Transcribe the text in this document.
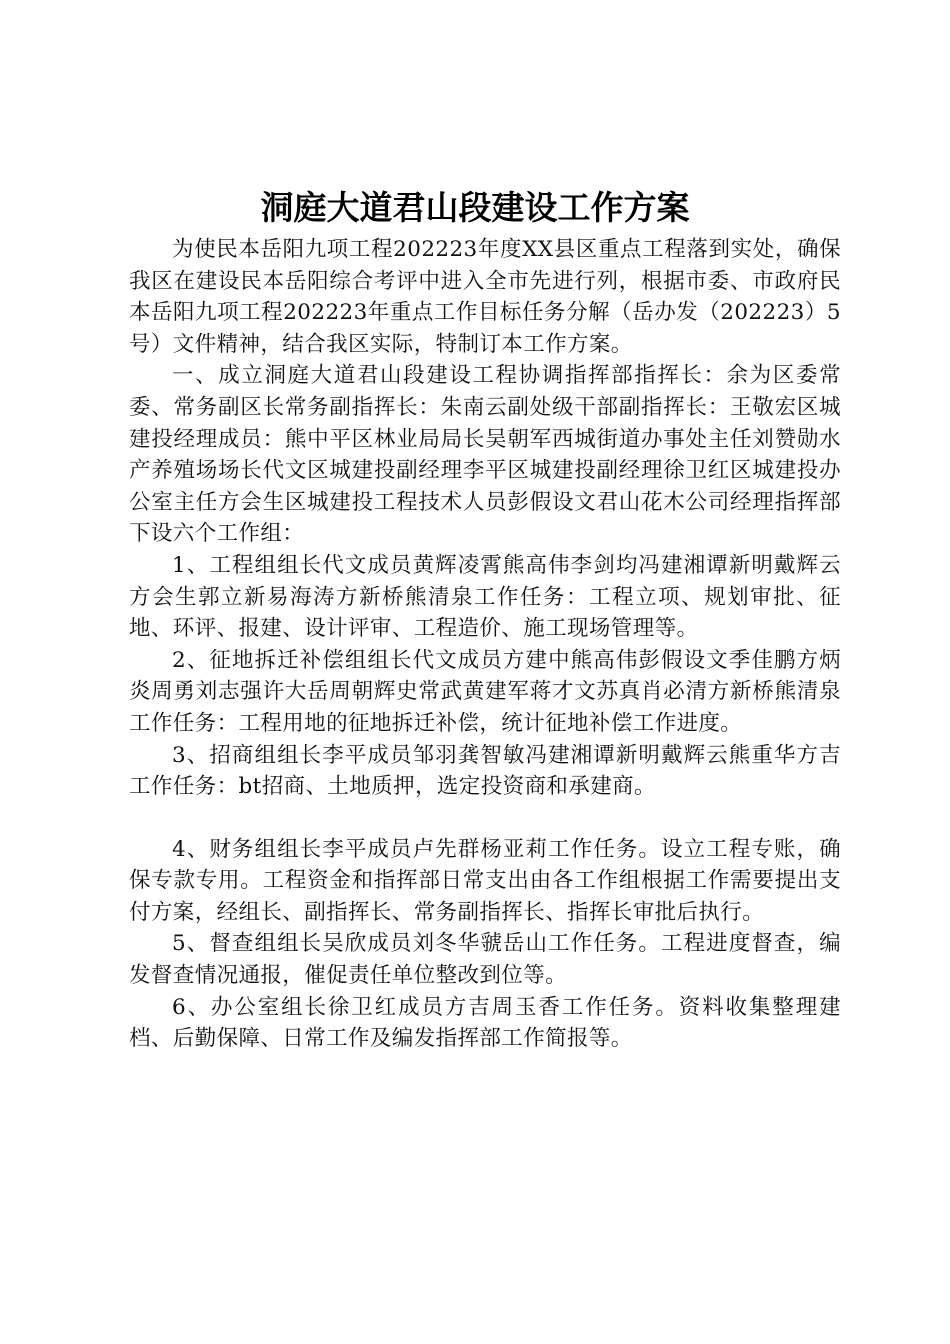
洞庭大道君山段建设工作方案

为使民本岳阳九项工程202223年度XX县区重点工程落到实处，确保我区在建设民本岳阳综合考评中进入全市先进行列，根据市委、市政府民本岳阳九项工程202223年重点工作目标任务分解（岳办发（202223）5号）文件精神，结合我区实际，特制订本工作方案。

一、成立洞庭大道君山段建设工程协调指挥部指挥长：余为区委常委、常务副区长常务副指挥长：朱南云副处级干部副指挥长：王敬宏区城建投经理成员：熊中平区林业局局长吴朝军西城街道办事处主任刘赞勋水产养殖场场长代文区城建投副经理李平区城建投副经理徐卫红区城建投办公室主任方会生区城建投工程技术人员彭假设文君山花木公司经理指挥部下设六个工作组：

1、工程组组长代文成员黄辉凌霄熊高伟李剑均冯建湘谭新明戴辉云方会生郭立新易海涛方新桥熊清泉工作任务：工程立项、规划审批、征地、环评、报建、设计评审、工程造价、施工现场管理等。

2、征地拆迁补偿组组长代文成员方建中熊高伟彭假设文季佳鹏方炳炎周勇刘志强许大岳周朝辉史常武黄建军蒋才文苏真肖必清方新桥熊清泉工作任务：工程用地的征地拆迁补偿，统计征地补偿工作进度。

3、招商组组长李平成员邹羽龚智敏冯建湘谭新明戴辉云熊重华方吉工作任务：bt招商、土地质押，选定投资商和承建商。

4、财务组组长李平成员卢先群杨亚莉工作任务。设立工程专账，确保专款专用。工程资金和指挥部日常支出由各工作组根据工作需要提出支付方案，经组长、副指挥长、常务副指挥长、指挥长审批后执行。

5、督查组组长吴欣成员刘冬华虢岳山工作任务。工程进度督查，编发督查情况通报，催促责任单位整改到位等。

6、办公室组长徐卫红成员方吉周玉香工作任务。资料收集整理建档、后勤保障、日常工作及编发指挥部工作简报等。
